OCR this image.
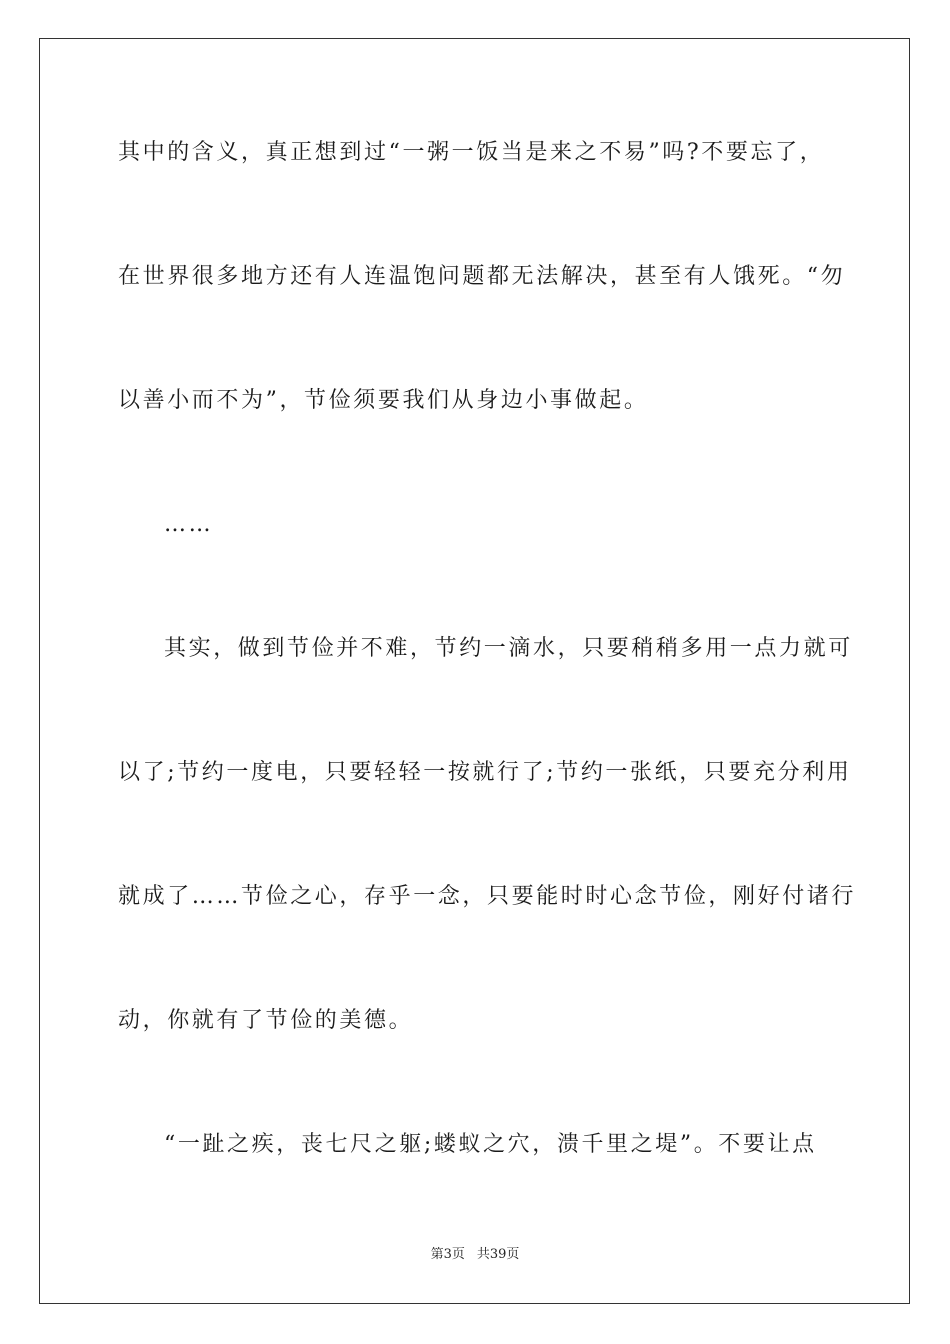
其中的含义，真正想到过“一粥一饭当是来之不易”吗?不要忘了，
在世界很多地方还有人连温饱问题都无法解决，甚至有人饿死。“勿
以善小而不为”，节俭须要我们从身边小事做起。
……
其实，做到节俭并不难，节约一滴水，只要稍稍多用一点力就可
以了;节约一度电，只要轻轻一按就行了;节约一张纸，只要充分利用
就成了……节俭之心，存乎一念，只要能时时心念节俭，刚好付诸行
动，你就有了节俭的美德。
“一趾之疾，丧七尺之躯;蝼蚁之穴，溃千里之堤”。不要让点
第3页 共39页
